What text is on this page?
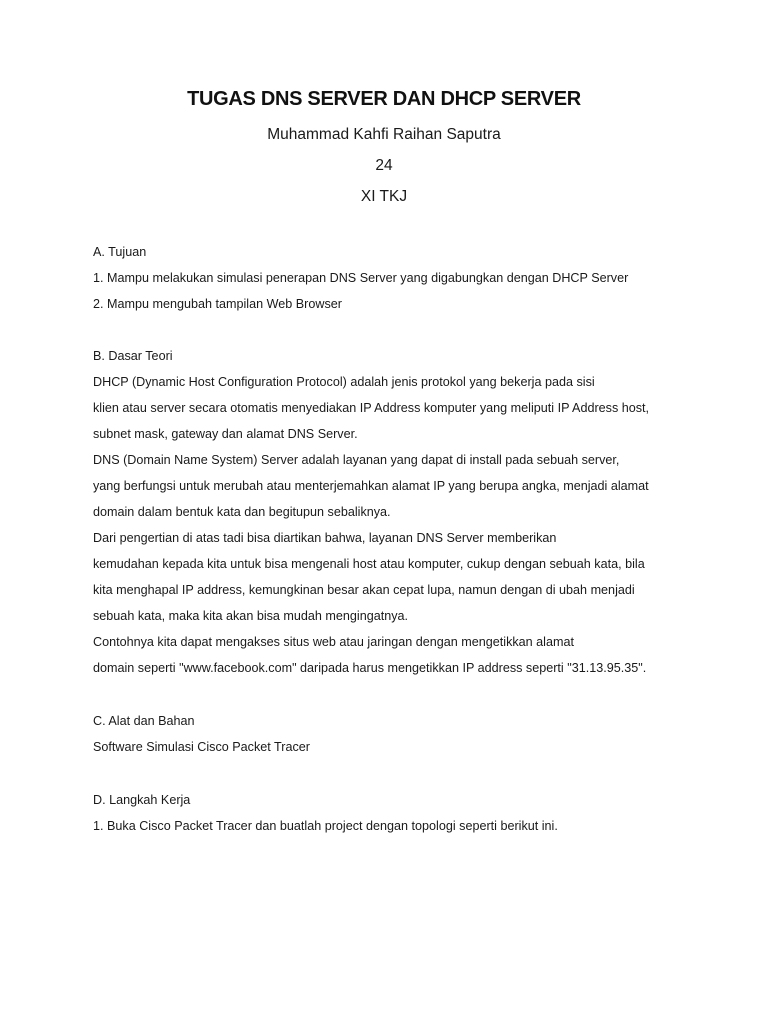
TUGAS DNS SERVER DAN DHCP SERVER
Muhammad Kahfi Raihan Saputra
24
XI TKJ
A. Tujuan
1. Mampu melakukan simulasi penerapan DNS Server yang digabungkan dengan DHCP Server
2. Mampu mengubah tampilan Web Browser
B. Dasar Teori
DHCP (Dynamic Host Configuration Protocol) adalah jenis protokol yang bekerja pada sisi
klien atau server secara otomatis menyediakan IP Address komputer yang meliputi IP Address host,
subnet mask, gateway dan alamat DNS Server.
DNS (Domain Name System) Server adalah layanan yang dapat di install pada sebuah server,
yang berfungsi untuk merubah atau menterjemahkan alamat IP yang berupa angka, menjadi alamat
domain dalam bentuk kata dan begitupun sebaliknya.
Dari pengertian di atas tadi bisa diartikan bahwa, layanan DNS Server memberikan
kemudahan kepada kita untuk bisa mengenali host atau komputer, cukup dengan sebuah kata, bila
kita menghapal IP address, kemungkinan besar akan cepat lupa, namun dengan di ubah menjadi
sebuah kata, maka kita akan bisa mudah mengingatnya.
Contohnya kita dapat mengakses situs web atau jaringan dengan mengetikkan alamat
domain seperti "www.facebook.com" daripada harus mengetikkan IP address seperti "31.13.95.35".
C. Alat dan Bahan
Software Simulasi Cisco Packet Tracer
D. Langkah Kerja
1. Buka Cisco Packet Tracer dan buatlah project dengan topologi seperti berikut ini.
